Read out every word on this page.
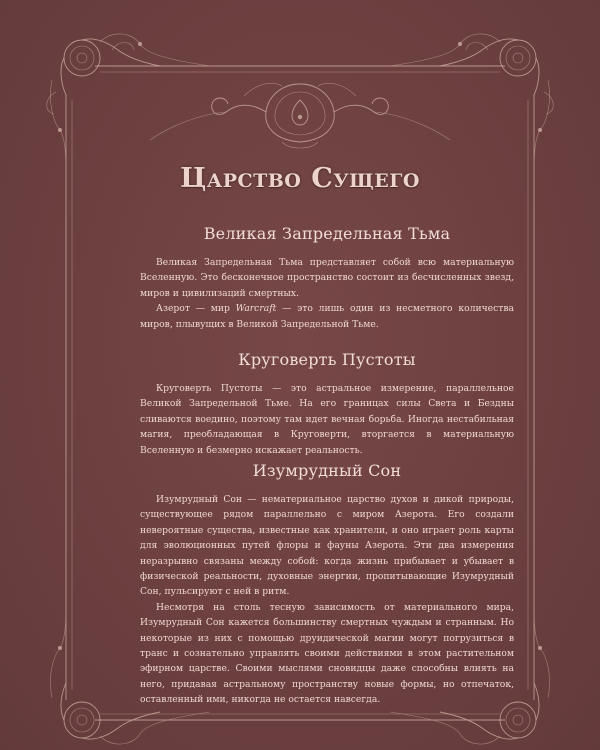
Царство Сущего
Великая Запредельная Тьма

Великая Запредельная Тьма представляет собой всю материальную Вселенную. Это бесконечное пространство состоит из бесчисленных звезд, миров и цивилизаций смертных.

Азерот — мир Warcraft — это лишь один из несметного количества миров, плывущих в Великой Запредельной Тьме.

Круговерть Пустоты

Круговерть Пустоты — это астральное измерение, параллельное Великой Запредельной Тьме. На его границах силы Света и Бездны сливаются воедино, поэтому там идет вечная борьба. Иногда нестабильная магия, преобладающая в Круговерти, вторгается в материальную Вселенную и безмерно искажает реальность.

Изумрудный Сон

Изумрудный Сон — нематериальное царство духов и дикой природы, существующее рядом параллельно с миром Азерота. Его создали невероятные существа, известные как хранители, и оно играет роль карты для эволюционных путей флоры и фауны Азерота. Эти два измерения неразрывно связаны между собой: когда жизнь прибывает и убывает в физической реальности, духовные энергии, пропитывающие Изумрудный Сон, пульсируют с ней в ритм.

Несмотря на столь тесную зависимость от материального мира, Изумрудный Сон кажется большинству смертных чуждым и странным. Но некоторые из них с помощью друидической магии могут погрузиться в транс и сознательно управлять своими действиями в этом растительном эфирном царстве. Своими мыслями сновидцы даже способны влиять на него, придавая астральному пространству новые формы, но отпечаток, оставленный ими, никогда не остается навсегда.
